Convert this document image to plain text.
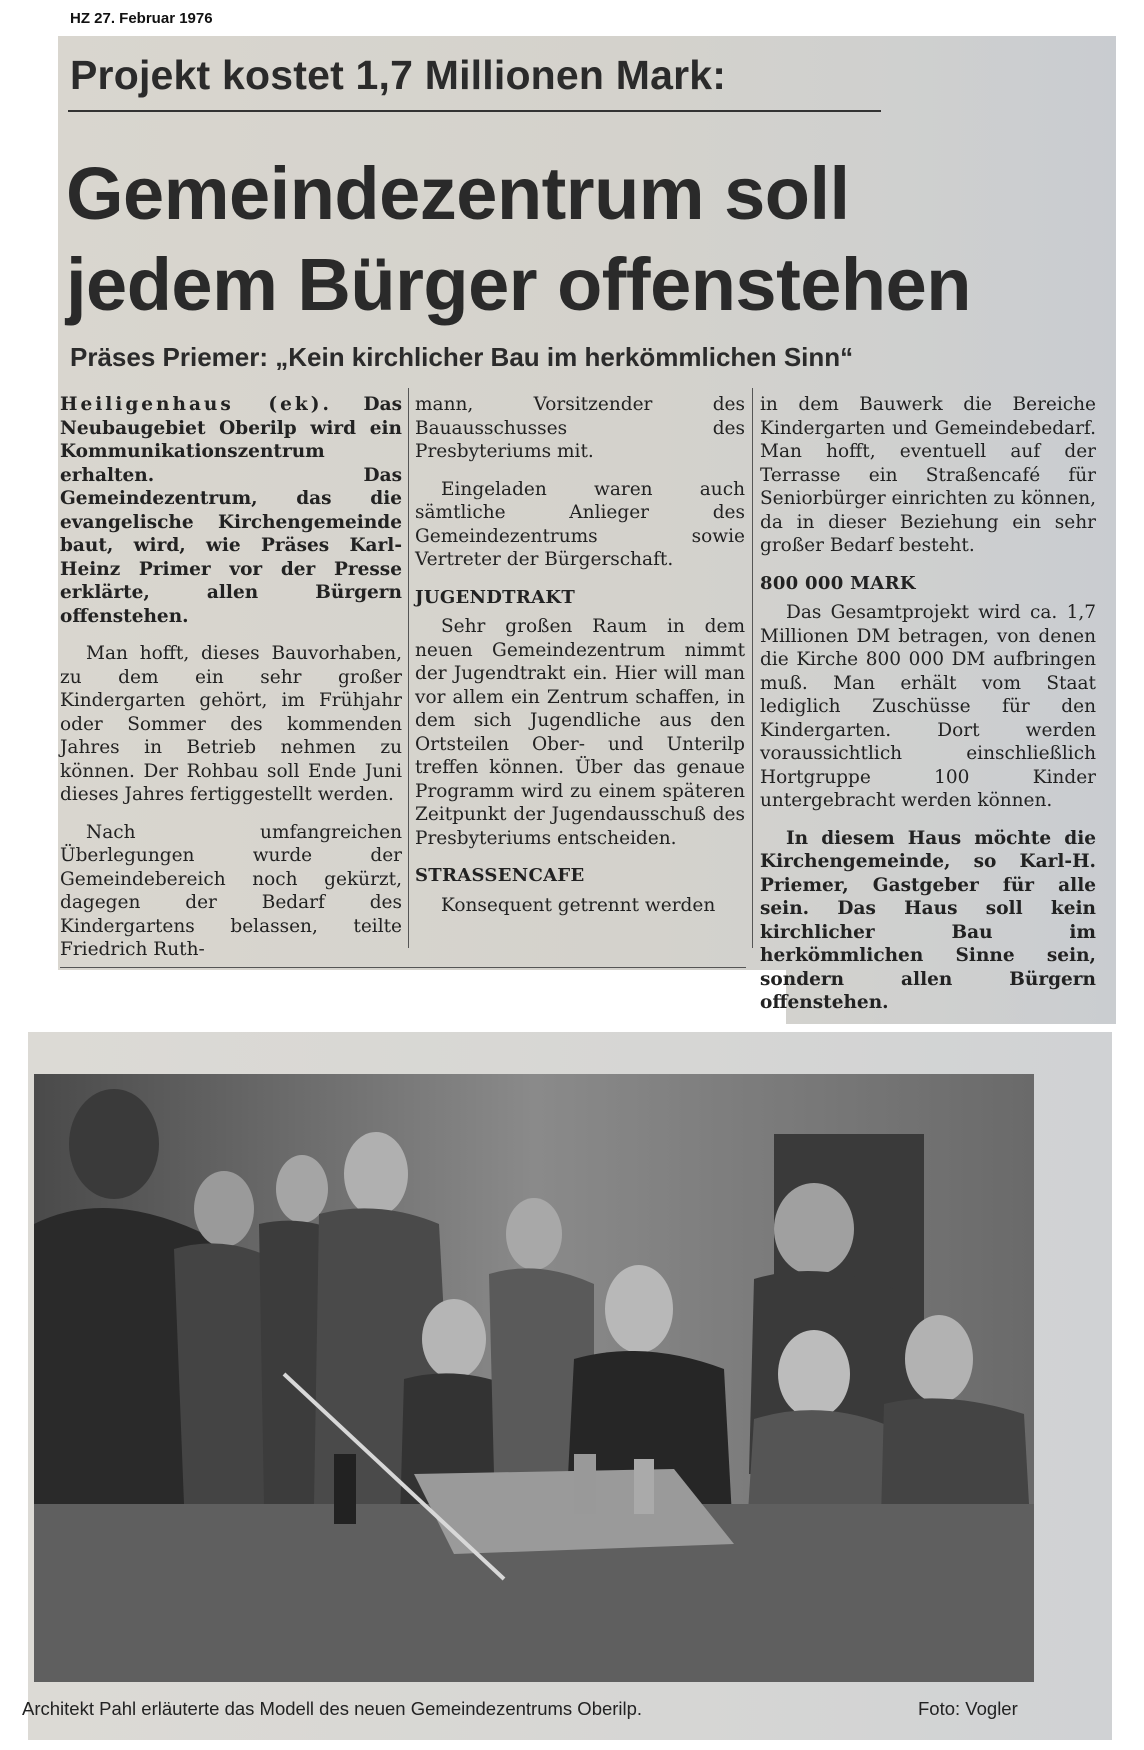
HZ 27. Februar 1976
Projekt kostet 1,7 Millionen Mark:
Gemeindezentrum soll jedem Bürger offenstehen
Präses Priemer: „Kein kirchlicher Bau im herkömmlichen Sinn“

Heiligenhaus (ek). Das Neubaugebiet Oberilp wird ein Kommunikationszentrum erhalten. Das Gemeindezentrum, das die evangelische Kirchengemeinde baut, wird, wie Präses Karl-Heinz Primer vor der Presse erklärte, allen Bürgern offenstehen.

Man hofft, dieses Bauvorhaben, zu dem ein sehr großer Kindergarten gehört, im Frühjahr oder Sommer des kommenden Jahres in Betrieb nehmen zu können. Der Rohbau soll Ende Juni dieses Jahres fertiggestellt werden.

Nach umfangreichen Überlegungen wurde der Gemeindebereich noch gekürzt, dagegen der Bedarf des Kindergartens belassen, teilte Friedrich Ruth-

mann, Vorsitzender des Bauausschusses des Presbyteriums mit.

Eingeladen waren auch sämtliche Anlieger des Gemeindezentrums sowie Vertreter der Bürgerschaft.

JUGENDTRAKT

Sehr großen Raum in dem neuen Gemeindezentrum nimmt der Jugendtrakt ein. Hier will man vor allem ein Zentrum schaffen, in dem sich Jugendliche aus den Ortsteilen Ober- und Unterilp treffen können. Über das genaue Programm wird zu einem späteren Zeitpunkt der Jugendausschuß des Presbyteriums entscheiden.

STRASSENCAFE

Konsequent getrennt werden

in dem Bauwerk die Bereiche Kindergarten und Gemeindebedarf. Man hofft, eventuell auf der Terrasse ein Straßencafé für Seniorbürger einrichten zu können, da in dieser Beziehung ein sehr großer Bedarf besteht.

800 000 MARK

Das Gesamtprojekt wird ca. 1,7 Millionen DM betragen, von denen die Kirche 800 000 DM aufbringen muß. Man erhält vom Staat lediglich Zuschüsse für den Kindergarten. Dort werden voraussichtlich einschließlich Hortgruppe 100 Kinder untergebracht werden können.

In diesem Haus möchte die Kirchengemeinde, so Karl-H. Priemer, Gastgeber für alle sein. Das Haus soll kein kirchlicher Bau im herkömmlichen Sinne sein, sondern allen Bürgern offenstehen.

Architekt Pahl erläuterte das Modell des neuen Gemeindezentrums Oberilp.	Foto: Vogler
